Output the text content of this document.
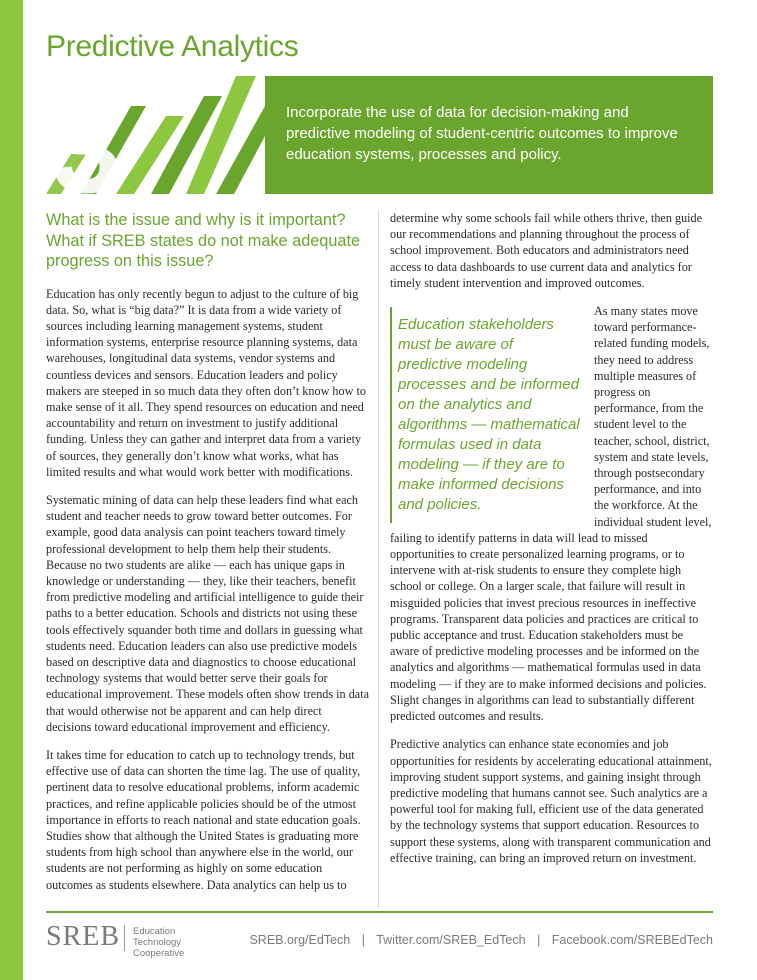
Predictive Analytics
3	Incorporate the use of data for decision-making and predictive modeling of student-centric outcomes to improve education systems, processes and policy.

What is the issue and why is it important? What if SREB states do not make adequate progress on this issue?

Education has only recently begun to adjust to the culture of big data. So, what is “big data?” It is data from a wide variety of sources including learning management systems, student information systems, enterprise resource planning systems, data warehouses, longitudinal data systems, vendor systems and countless devices and sensors. Education leaders and policy makers are steeped in so much data they often don’t know how to make sense of it all. They spend resources on education and need accountability and return on investment to justify additional funding. Unless they can gather and interpret data from a variety of sources, they generally don’t know what works, what has limited results and what would work better with modifications.

Systematic mining of data can help these leaders find what each student and teacher needs to grow toward better outcomes. For example, good data analysis can point teachers toward timely professional development to help them help their students. Because no two students are alike — each has unique gaps in knowledge or understanding — they, like their teachers, benefit from predictive modeling and artificial intelligence to guide their paths to a better education. Schools and districts not using these tools effectively squander both time and dollars in guessing what students need. Education leaders can also use predictive models based on descriptive data and diagnostics to choose educational technology systems that would better serve their goals for educational improvement. These models often show trends in data that would otherwise not be apparent and can help direct decisions toward educational improvement and efficiency.

It takes time for education to catch up to technology trends, but effective use of data can shorten the time lag. The use of quality, pertinent data to resolve educational problems, inform academic practices, and refine applicable policies should be of the utmost importance in efforts to reach national and state education goals. Studies show that although the United States is graduating more students from high school than anywhere else in the world, our students are not performing as highly on some education outcomes as students elsewhere. Data analytics can help us to

determine why some schools fail while others thrive, then guide our recommendations and planning throughout the process of school improvement. Both educators and administrators need access to data dashboards to use current data and analytics for timely student intervention and improved outcomes.

Education stakeholders must be aware of predictive modeling processes and be informed on the analytics and algorithms — mathematical formulas used in data modeling — if they are to make informed decisions and policies.

As many states move toward performance-related funding models, they need to address multiple measures of progress on performance, from the student level to the teacher, school, district, system and state levels, through postsecondary performance, and into the workforce. At the individual student level, failing to identify patterns in data will lead to missed opportunities to create personalized learning programs, or to intervene with at-risk students to ensure they complete high school or college. On a larger scale, that failure will result in misguided policies that invest precious resources in ineffective programs. Transparent data policies and practices are critical to public acceptance and trust. Education stakeholders must be aware of predictive modeling processes and be informed on the analytics and algorithms — mathematical formulas used in data modeling — if they are to make informed decisions and policies. Slight changes in algorithms can lead to substantially different predicted outcomes and results.

Predictive analytics can enhance state economies and job opportunities for residents by accelerating educational attainment, improving student support systems, and gaining insight through predictive modeling that humans cannot see. Such analytics are a powerful tool for making full, efficient use of the data generated by the technology systems that support education. Resources to support these systems, along with transparent communication and effective training, can bring an improved return on investment.

SREB Education Technology Cooperative
SREB.org/EdTech | Twitter.com/SREB_EdTech | Facebook.com/SREBEdTech
